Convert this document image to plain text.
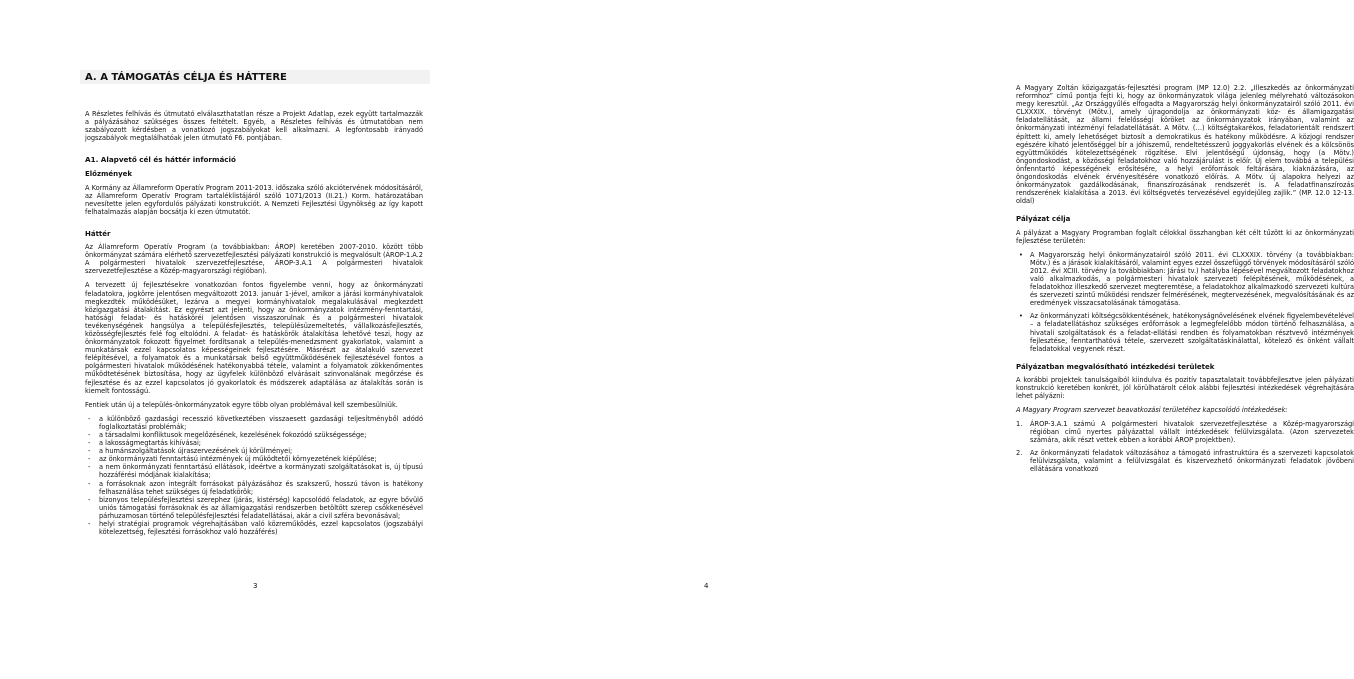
A. A TÁMOGATÁS CÉLJA ÉS HÁTTERE

A Részletes felhívás és útmutató elválaszthatatlan része a Projekt Adatlap, ezek együtt tartalmazzák a pályázásához szükséges összes feltételt. Egyéb, a Részletes felhívás és útmutatóban nem szabályozott kérdésben a vonatkozó jogszabályokat kell alkalmazni. A legfontosabb irányadó jogszabályok megtalálhatóak jelen útmutató F6. pontjában.

A1. Alapvető cél és háttér információ
Előzmények

A Kormány az Államreform Operatív Program 2011-2013. időszaka szóló akciótervének módosításáról, az Államreform Operatív Program tartaléklistájáról szóló 1071/2013 (II.21.) Korm. határozatában nevesítette jelen egyfordulós pályázati konstrukciót. A Nemzeti Fejlesztési Ügynökség az így kapott felhatalmazás alapján bocsátja ki ezen útmutatót.

Háttér

Az Államreform Operatív Program (a továbbiakban: ÁROP) keretében 2007-2010. között több önkormányzat számára elérhető szervezetfejlesztési pályázati konstrukció is megvalósult (ÁROP-1.A.2 A polgármesteri hivatalok szervezetfejlesztése, ÁROP-3.A.1 A polgármesteri hivatalok szervezetfejlesztése a Közép-magyarországi régióban).

A tervezett új fejlesztésekre vonatkozóan fontos figyelembe venni, hogy az önkormányzati feladatokra, jogkörre jelentősen megváltozott 2013. január 1-jével, amikor a járási kormányhivatalok megkezdték működésüket, lezárva a megyei kormányhivatalok megalakulásával megkezdett közigazgatási átalakítást. Ez egyrészt azt jelenti, hogy az önkormányzatok intézmény-fenntartási, hatósági feladat- és hatásköréi jelentősen visszaszorulnak és a polgármesteri hivatalok tevékenységének hangsúlya a településfejlesztés, településüzemeltetés, vállalkozásfejlesztés, közösségfejlesztés felé fog eltolódni. A feladat- és hatáskörök átalakítása lehetővé teszi, hogy az önkormányzatok fokozott figyelmet fordítsanak a település-menedzsment gyakorlatok, valamint a munkatársak ezzel kapcsolatos képességeinek fejlesztésére. Másrészt az átalakuló szervezet felépítésével, a folyamatok és a munkatársak belső együttműködésének fejlesztésével fontos a polgármesteri hivatalok működésének hatékonyabbá tétele, valamint a folyamatok zökkenőmentes működtetésének biztosítása, hogy az ügyfelek különböző elvárásait szinvonalának megőrzése és fejlesztése és az ezzel kapcsolatos jó gyakorlatok és módszerek adaptálása az átalakítás során is kiemelt fontosságú.

Fentiek után új a település-önkormányzatok egyre több olyan problémával kell szembesülniük.

- a különböző gazdasági recesszió következtében visszaesett gazdasági teljesítményből adódó foglalkoztatási problémák;
- a társadalmi konfliktusok megelőzésének, kezelésének fokozódó szükségessége;
- a lakosságmegtartás kihívásai;
- a humánszolgáltatások újraszervezésének új körülményei;
- az önkormányzati fenntartású intézmények új működtetői környezetének kiépülése;
- a nem önkormányzati fenntartású ellátások, ideértve a kormányzati szolgáltatásokat is, új típusú hozzáférési módjának kialakítása;
- a forrásoknak azon integrált forrásokat pályázásához és szakszerű, hosszú távon is hatékony felhasználása tehet szükséges új feladatkörök;
- bizonyos településfejlesztési szerephez (járás, kistérség) kapcsolódó feladatok, az egyre bővülő uniós támogatási forrásoknak és az államigazgatási rendszerben betöltött szerep csökkenésével párhuzamosan történő településfejlesztési feladatellátásai, akár a civil szféra bevonásával;
- helyi stratégiai programok végrehajtásában való közreműködés, ezzel kapcsolatos (jogszabályi kötelezettség, fejlesztési forrásokhoz való hozzáférés)
3

A Magyary Zoltán közigazgatás-fejlesztési program (MP 12.0) 2.2. „Illeszkedés az önkormányzati reformhoz” című pontja fejti ki, hogy az önkormányzatok világa jelenleg mélyreható változásokon megy keresztül. „Az Országgyűlés elfogadta a Magyarország helyi önkormányzatairól szóló 2011. évi CLXXXIX. törvényt (Mötv.), amely újragondolja az önkormányzati köz- és államigazgatási feladatellátását, az állami felelősségi köröket az önkormányzatok irányában, valamint az önkormányzati intézményi feladatellátását. A Mötv. (…) költségtakarékos, feladatorientált rendszert építtett ki, amely lehetőséget biztosít a demokratikus és hatékony működésre. A közjogi rendszer egészére kiható jelentőséggel bír a jóhiszemű, rendeltetésszerű joggyakorlás elvének és a kölcsönös együttműködés kötelezettségének rögzítése. Elvi jelentőségű újdonság, hogy (a Mötv.) öngondoskodást, a közösségi feladatokhoz való hozzájárulást is előír. Új elem továbbá a települési önfenntartó képességének erősítésére, a helyi erőforrások feltárására, kiaknázására, az öngondoskodás elvének érvényesítésére vonatkozó előírás. A Mötv. új alapokra helyezi az önkormányzatok gazdálkodásának, finanszírozásának rendszerét is. A feladatfinanszírozás rendszerének kialakítása a 2013. évi költségvetés tervezésével egyidejűleg zajlik.” (MP. 12.0 12-13. oldal)

Pályázat célja

A pályázat a Magyary Programban foglalt célokkal összhangban két célt tűzött ki az önkormányzati fejlesztése területén:

• A Magyarország helyi önkormányzatairól szóló 2011. évi CLXXXIX. törvény (a továbbiakban: Mötv.) és a járások kialakításáról, valamint egyes ezzel összefüggő törvények módosításáról szóló 2012. évi XCIII. törvény (a továbbiakban: Járási tv.) hatályba lépésével megváltozott feladatokhoz való alkalmazkodás, a polgármesteri hivatalok szervezeti felépítésének, működésének, a feladatokhoz illeszkedő szervezet megteremtése, a feladatokhoz alkalmazkodó szervezeti kultúra és szervezeti szintű működési rendszer felmérésének, megtervezésének, megvalósításának és az eredmények visszacsatolásának támogatása.
• Az önkormányzati költségcsökkentésének, hatékonyságnövelésének elvének figyelembevételével – a feladatellátáshoz szükséges erőforrások a legmegfelelőbb módon történő felhasználása, a hivatali szolgáltatások és a feladat-ellátási rendben és folyamatokban résztvevő intézmények fejlesztése, fenntarthatóvá tétele, szervezett szolgáltatáskínálattal, kötelező és önként vállalt feladatokkal vegyenek részt.
Pályázatban megvalósítható intézkedési területek

A korábbi projektek tanulságaiból kiindulva és pozitív tapasztalatait továbbfejlesztve jelen pályázati konstrukció keretében konkrét, jól körülhatárolt célok alábbi fejlesztési intézkedések végrehajtására lehet pályázni:

A Magyary Program szervezet beavatkozási területéhez kapcsolódó intézkedések:

1. ÁROP-3.A.1 számú A polgármesteri hivatalok szervezetfejlesztése a Közép-magyarországi régióban című nyertes pályázattal vállalt intézkedések felülvizsgálata. (Azon szervezetek számára, akik részt vettek ebben a korábbi ÁROP projektben).
2. Az önkormányzati feladatok változásához a támogató infrastruktúra és a szervezeti kapcsolatok felülvizsgálata, valamint a felülvizsgálat és kiszervezhető önkormányzati feladatok jövőbeni ellátására vonatkozó
4
